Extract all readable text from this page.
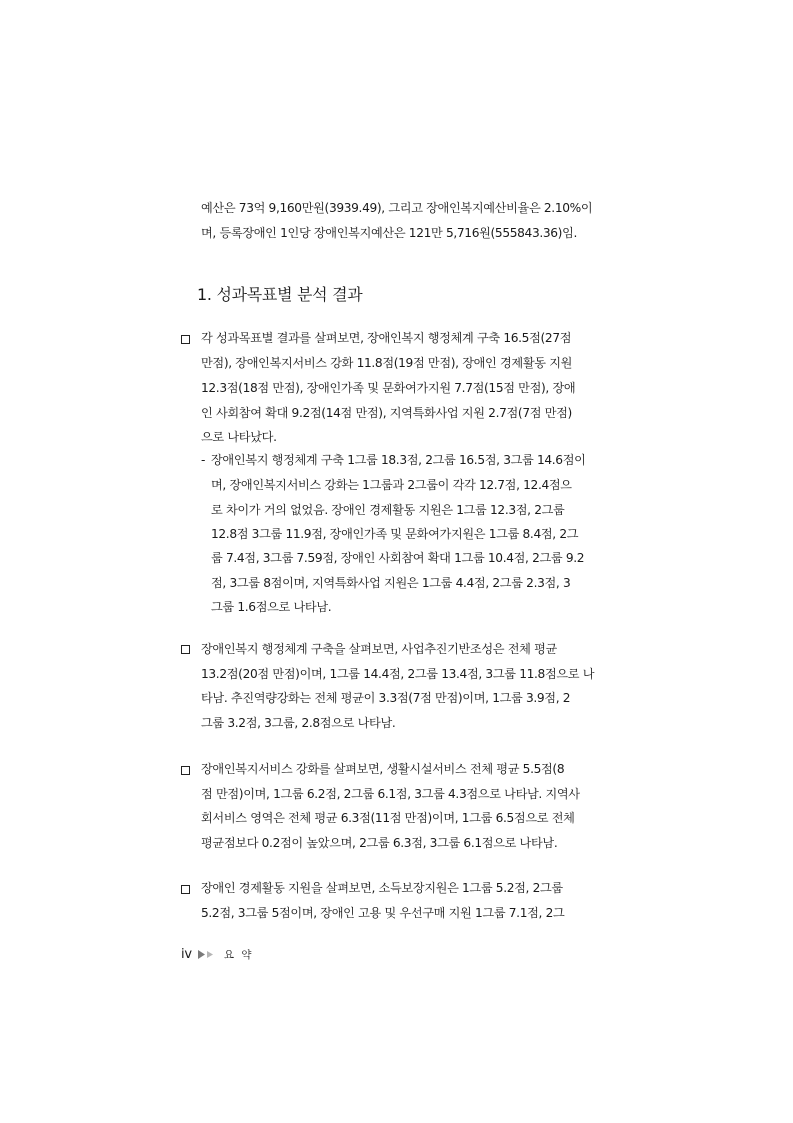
예산은 73억 9,160만원(3939.49), 그리고 장애인복지예산비율은 2.10%이
며, 등록장애인 1인당 장애인복지예산은 121만 5,716원(555843.36)임.
1. 성과목표별 분석 결과
각 성과목표별 결과를 살펴보면, 장애인복지 행정체계 구축 16.5점(27점
만점), 장애인복지서비스 강화 11.8점(19점 만점), 장애인 경제활동 지원
12.3점(18점 만점), 장애인가족 및 문화여가지원 7.7점(15점 만점), 장애
인 사회참여 확대 9.2점(14점 만점), 지역특화사업 지원 2.7점(7점 만점)
으로 나타났다.
- 장애인복지 행정체계 구축 1그룹 18.3점, 2그룹 16.5점, 3그룹 14.6점이
며, 장애인복지서비스 강화는 1그룹과 2그룹이 각각 12.7점, 12.4점으
로 차이가 거의 없었음. 장애인 경제활동 지원은 1그룹 12.3점, 2그룹
12.8점 3그룹 11.9점, 장애인가족 및 문화여가지원은 1그룹 8.4점, 2그
룹 7.4점, 3그룹 7.59점, 장애인 사회참여 확대 1그룹 10.4점, 2그룹 9.2
점, 3그룹 8점이며, 지역특화사업 지원은 1그룹 4.4점, 2그룹 2.3점, 3
그룹 1.6점으로 나타남.
장애인복지 행정체계 구축을 살펴보면, 사업추진기반조성은 전체 평균
13.2점(20점 만점)이며, 1그룹 14.4점, 2그룹 13.4점, 3그룹 11.8점으로 나
타남. 추진역량강화는 전체 평균이 3.3점(7점 만점)이며, 1그룹 3.9점, 2
그룹 3.2점, 3그룹, 2.8점으로 나타남.
장애인복지서비스 강화를 살펴보면, 생활시설서비스 전체 평균 5.5점(8
점 만점)이며, 1그룹 6.2점, 2그룹 6.1점, 3그룹 4.3점으로 나타남. 지역사
회서비스 영역은 전체 평균 6.3점(11점 만점)이며, 1그룹 6.5점으로 전체
평균점보다 0.2점이 높았으며, 2그룹 6.3점, 3그룹 6.1점으로 나타남.
장애인 경제활동 지원을 살펴보면, 소득보장지원은 1그룹 5.2점, 2그룹
5.2점, 3그룹 5점이며, 장애인 고용 및 우선구매 지원 1그룹 7.1점, 2그
iv	요 약
